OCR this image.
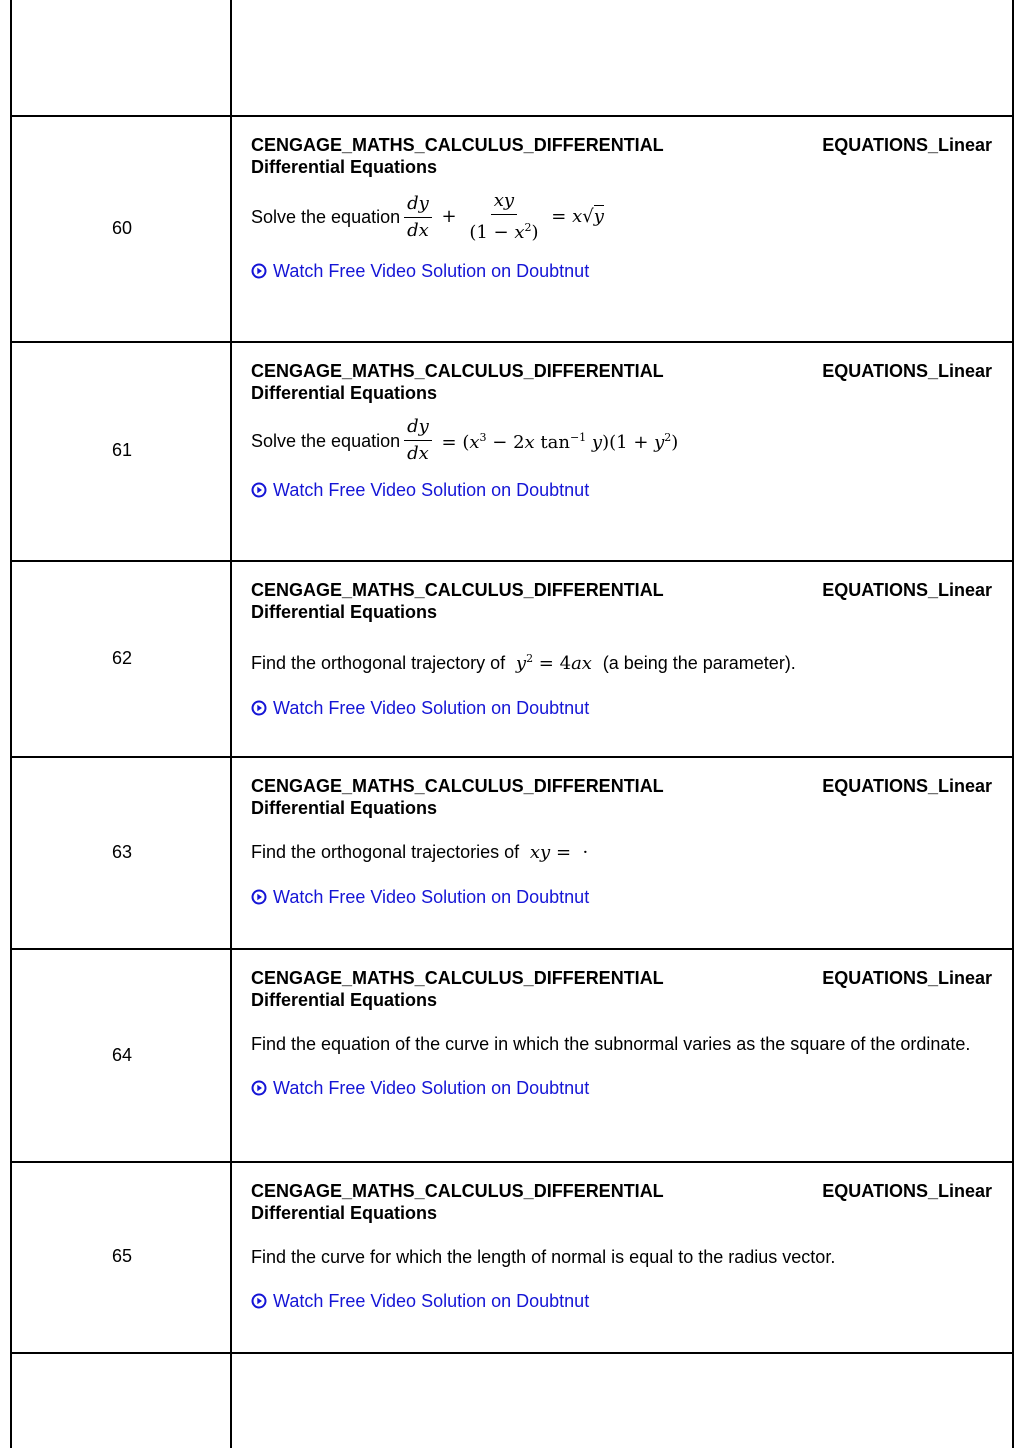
60
CENGAGE_MATHS_CALCULUS_DIFFERENTIAL	EQUATIONS_Linear
Differential Equations
Solve the equation $\frac{dy}{dx} + \frac{xy}{(1 - x^2)} = x√y$
Watch Free Video Solution on Doubtnut
61
CENGAGE_MATHS_CALCULUS_DIFFERENTIAL	EQUATIONS_Linear
Differential Equations
Solve the equation $\frac{dy}{dx} = (x^3 - 2x$ $\tan^{-1} y)(1 + y^2)$
Watch Free Video Solution on Doubtnut
62
CENGAGE_MATHS_CALCULUS_DIFFERENTIAL	EQUATIONS_Linear
Differential Equations
Find the orthogonal trajectory of $y^2 = 4ax$ (a being the parameter).
Watch Free Video Solution on Doubtnut
63
CENGAGE_MATHS_CALCULUS_DIFFERENTIAL	EQUATIONS_Linear
Differential Equations
Find the orthogonal trajectories of xy =  ·
Watch Free Video Solution on Doubtnut
64
CENGAGE_MATHS_CALCULUS_DIFFERENTIAL	EQUATIONS_Linear
Differential Equations
Find the equation of the curve in which the subnormal varies as the square of the ordinate.
Watch Free Video Solution on Doubtnut
65
CENGAGE_MATHS_CALCULUS_DIFFERENTIAL	EQUATIONS_Linear
Differential Equations
Find the curve for which the length of normal is equal to the radius vector.
Watch Free Video Solution on Doubtnut
